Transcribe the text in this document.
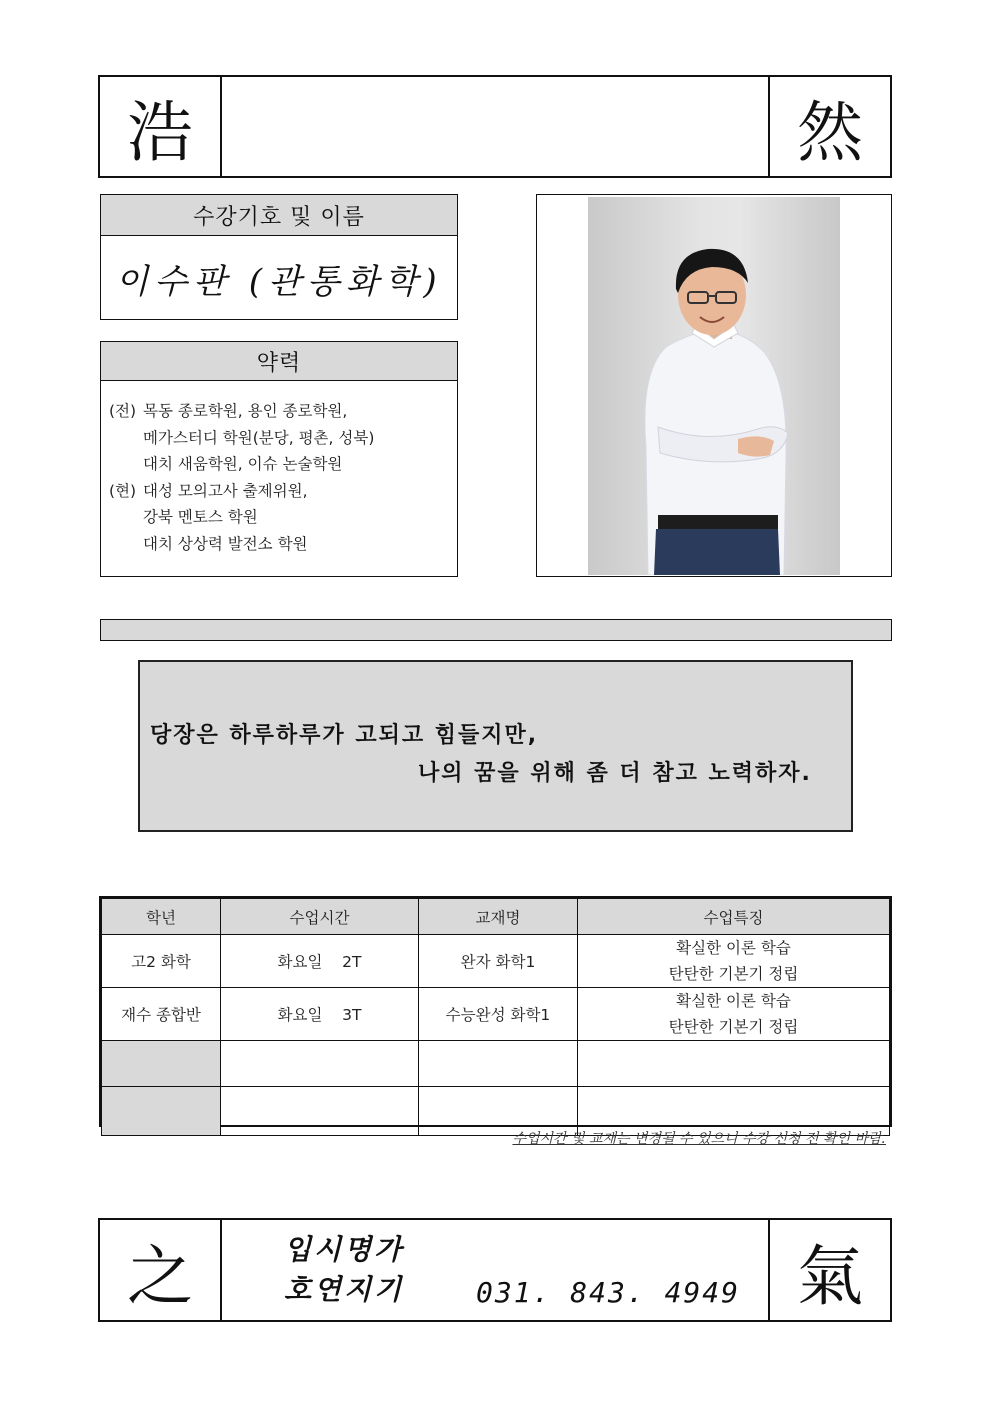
浩	然
수강기호 및 이름
이수판 (관통화학)
약력
(전) 목동 종로학원, 용인 종로학원,
메가스터디 학원(분당, 평촌, 성북)
대치 새움학원, 이슈 논술학원
(현) 대성 모의고사 출제위원,
강북 멘토스 학원
대치 상상력 발전소 학원
당장은 하루하루가 고되고 힘들지만,
나의 꿈을 위해 좀 더 참고 노력하자.
학년	수업시간	교재명	수업특징
고2 화학	화요일    2T	완자 화학1	확실한 이론 학습
탄탄한 기본기 정립

재수 종합반	화요일    3T	수능완성 화학1	확실한 이론 학습
탄탄한 기본기 정립

수업시간 및 교재는 변경될 수 있으니 수강 신청 전 확인 바람.
之	氣
입시명가
호연지기	031. 843. 4949
